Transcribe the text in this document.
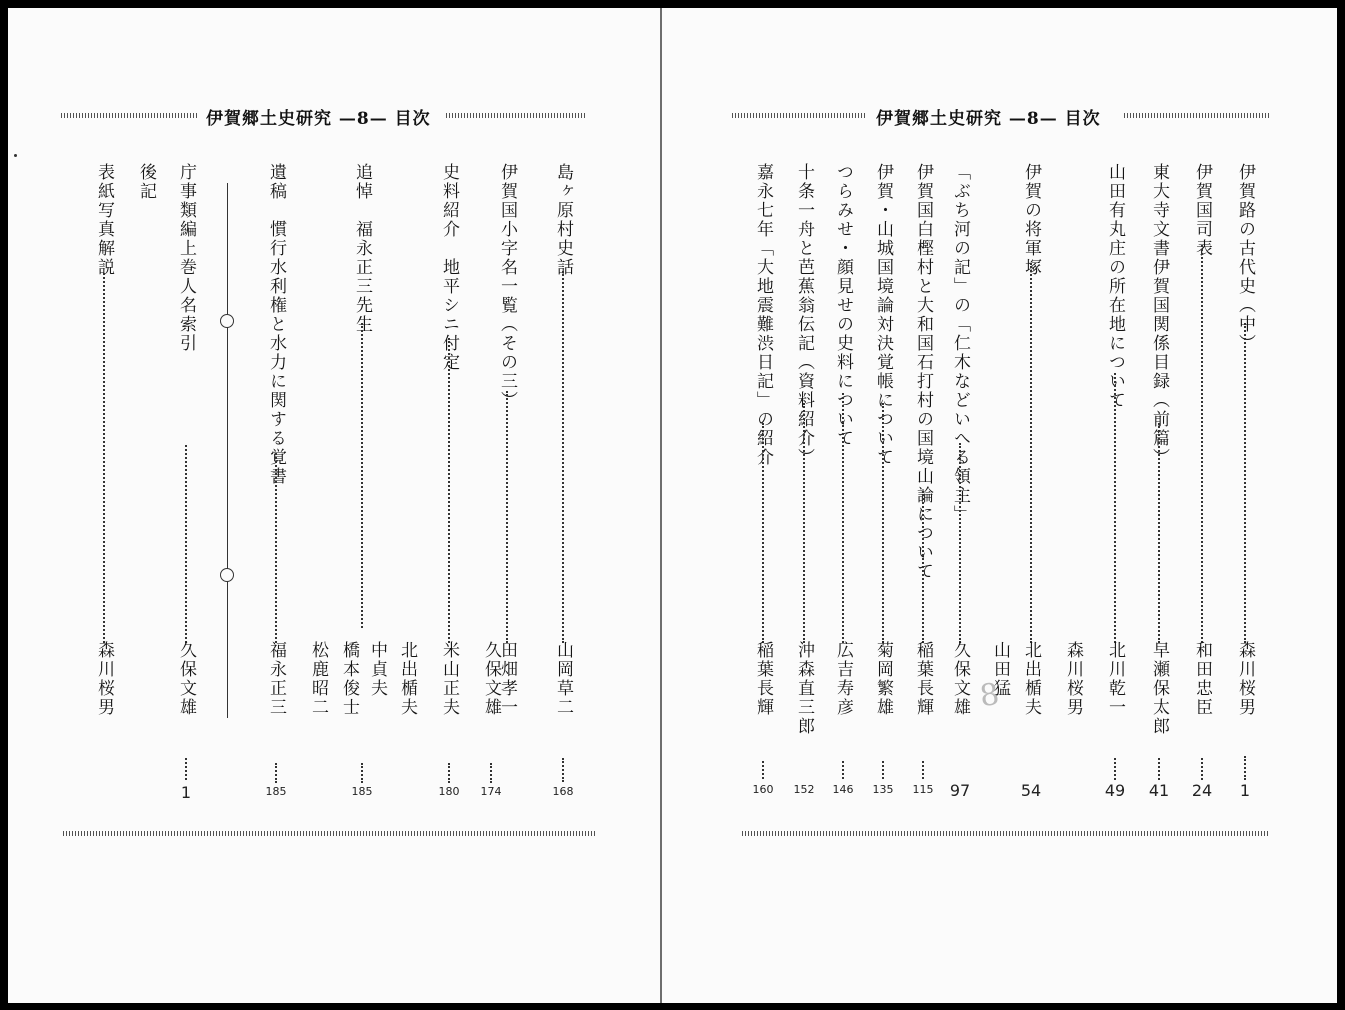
伊賀郷土史研究 —8— 目次
島ヶ原村史話
山岡草二
168
伊賀国小字名一覧（その三）
田畑孝一
久保文雄
174
史料紹介　地平シニ付定
米山正夫
180
北出楯夫
追悼　福永正三先生
中貞夫
橋本俊士
185
松鹿昭二
遺稿　慣行水利権と水力に関する覚書
福永正三
185
庁事類編上巻人名索引
久保文雄
1
後記
表紙写真解説
森川桜男
伊賀郷土史研究 —8— 目次
8
伊賀路の古代史（中）
森川桜男
1
伊賀国司表
和田忠臣
24
東大寺文書伊賀国関係目録（前篇）
早瀬保太郎
41
山田有丸庄の所在地について
北川乾一
49
森川桜男
伊賀の将軍塚
北出楯夫
54
山田猛
「ぶち河の記」の「仁木などいへる領主」
久保文雄
97
伊賀国白樫村と大和国石打村の国境山論について
稲葉長輝
115
伊賀・山城国境論対決覚帳について
菊岡繁雄
135
つらみせ・顔見せの史料について
広吉寿彦
146
十条一舟と芭蕉翁伝記（資料紹介）
沖森直三郎
152
嘉永七年「大地震難渋日記」の紹介
稲葉長輝
160
